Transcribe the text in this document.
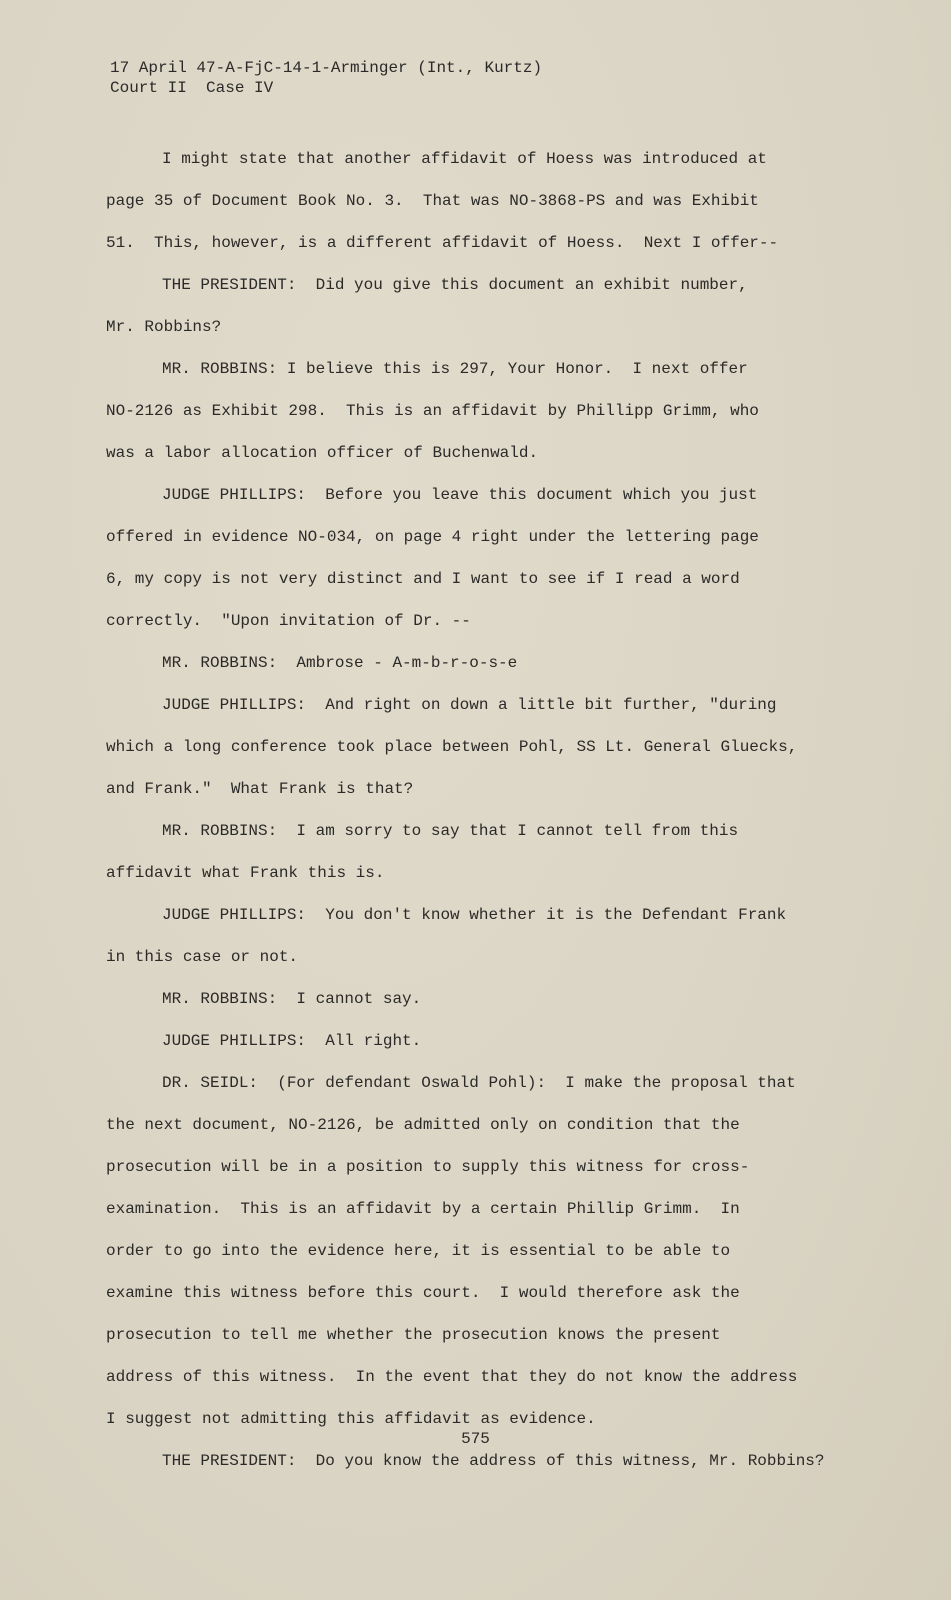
17 April 47-A-FjC-14-1-Arminger (Int., Kurtz)
Court II  Case IV

I might state that another affidavit of Hoess was introduced at
page 35 of Document Book No. 3.  That was NO-3868-PS and was Exhibit
51.  This, however, is a different affidavit of Hoess.  Next I offer--

THE PRESIDENT:  Did you give this document an exhibit number,
Mr. Robbins?

MR. ROBBINS: I believe this is 297, Your Honor.  I next offer
NO-2126 as Exhibit 298.  This is an affidavit by Phillipp Grimm, who
was a labor allocation officer of Buchenwald.

JUDGE PHILLIPS:  Before you leave this document which you just
offered in evidence NO-034, on page 4 right under the lettering page
6, my copy is not very distinct and I want to see if I read a word
correctly.  "Upon invitation of Dr. --

MR. ROBBINS:  Ambrose - A-m-b-r-o-s-e

JUDGE PHILLIPS:  And right on down a little bit further, "during
which a long conference took place between Pohl, SS Lt. General Gluecks,
and Frank."  What Frank is that?

MR. ROBBINS:  I am sorry to say that I cannot tell from this
affidavit what Frank this is.

JUDGE PHILLIPS:  You don't know whether it is the Defendant Frank
in this case or not.

MR. ROBBINS:  I cannot say.

JUDGE PHILLIPS:  All right.

DR. SEIDL:  (For defendant Oswald Pohl):  I make the proposal that
the next document, NO-2126, be admitted only on condition that the
prosecution will be in a position to supply this witness for cross-
examination.  This is an affidavit by a certain Phillip Grimm.  In
order to go into the evidence here, it is essential to be able to
examine this witness before this court.  I would therefore ask the
prosecution to tell me whether the prosecution knows the present
address of this witness.  In the event that they do not know the address
I suggest not admitting this affidavit as evidence.

THE PRESIDENT:  Do you know the address of this witness, Mr. Robbins?

575
